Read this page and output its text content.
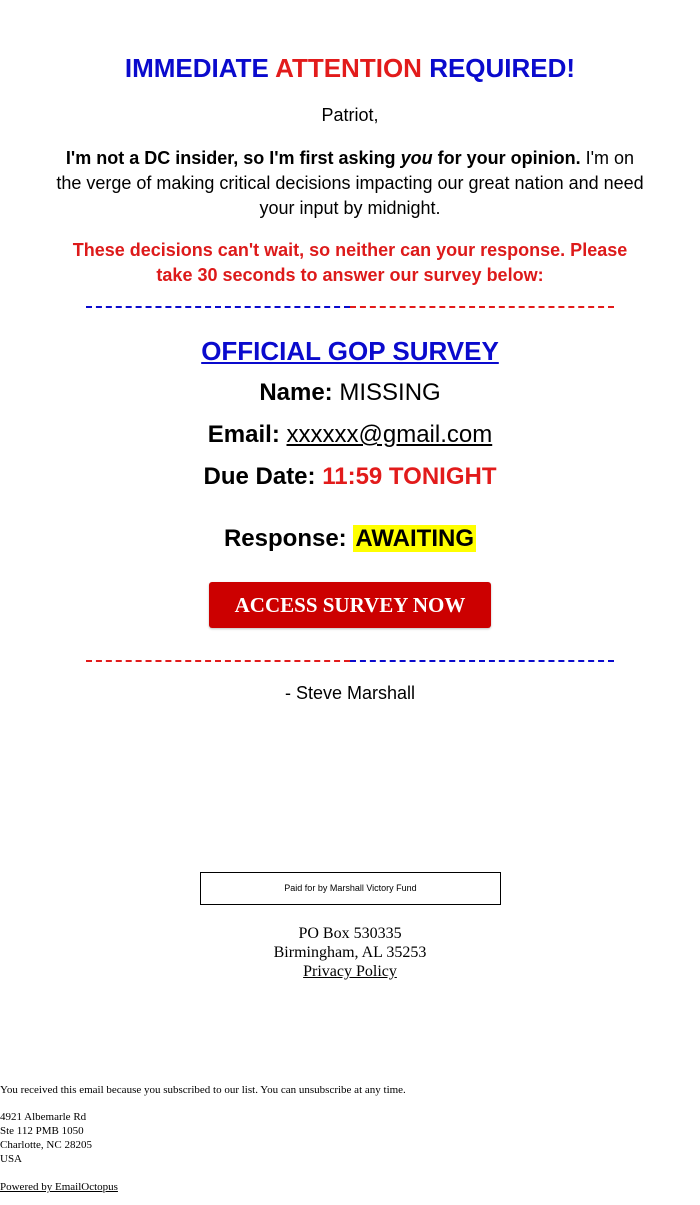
IMMEDIATE ATTENTION REQUIRED!
Patriot,
I'm not a DC insider, so I'm first asking you for your opinion. I'm on the verge of making critical decisions impacting our great nation and need your input by midnight.
These decisions can't wait, so neither can your response. Please take 30 seconds to answer our survey below:
OFFICIAL GOP SURVEY
Name: MISSING
Email: xxxxxx@gmail.com
Due Date: 11:59 TONIGHT
Response: AWAITING
ACCESS SURVEY NOW
- Steve Marshall
Paid for by Marshall Victory Fund
PO Box 530335
Birmingham, AL 35253
Privacy Policy

You received this email because you subscribed to our list. You can unsubscribe at any time.

4921 Albemarle Rd
Ste 112 PMB 1050
Charlotte, NC 28205
USA
Powered by EmailOctopus
